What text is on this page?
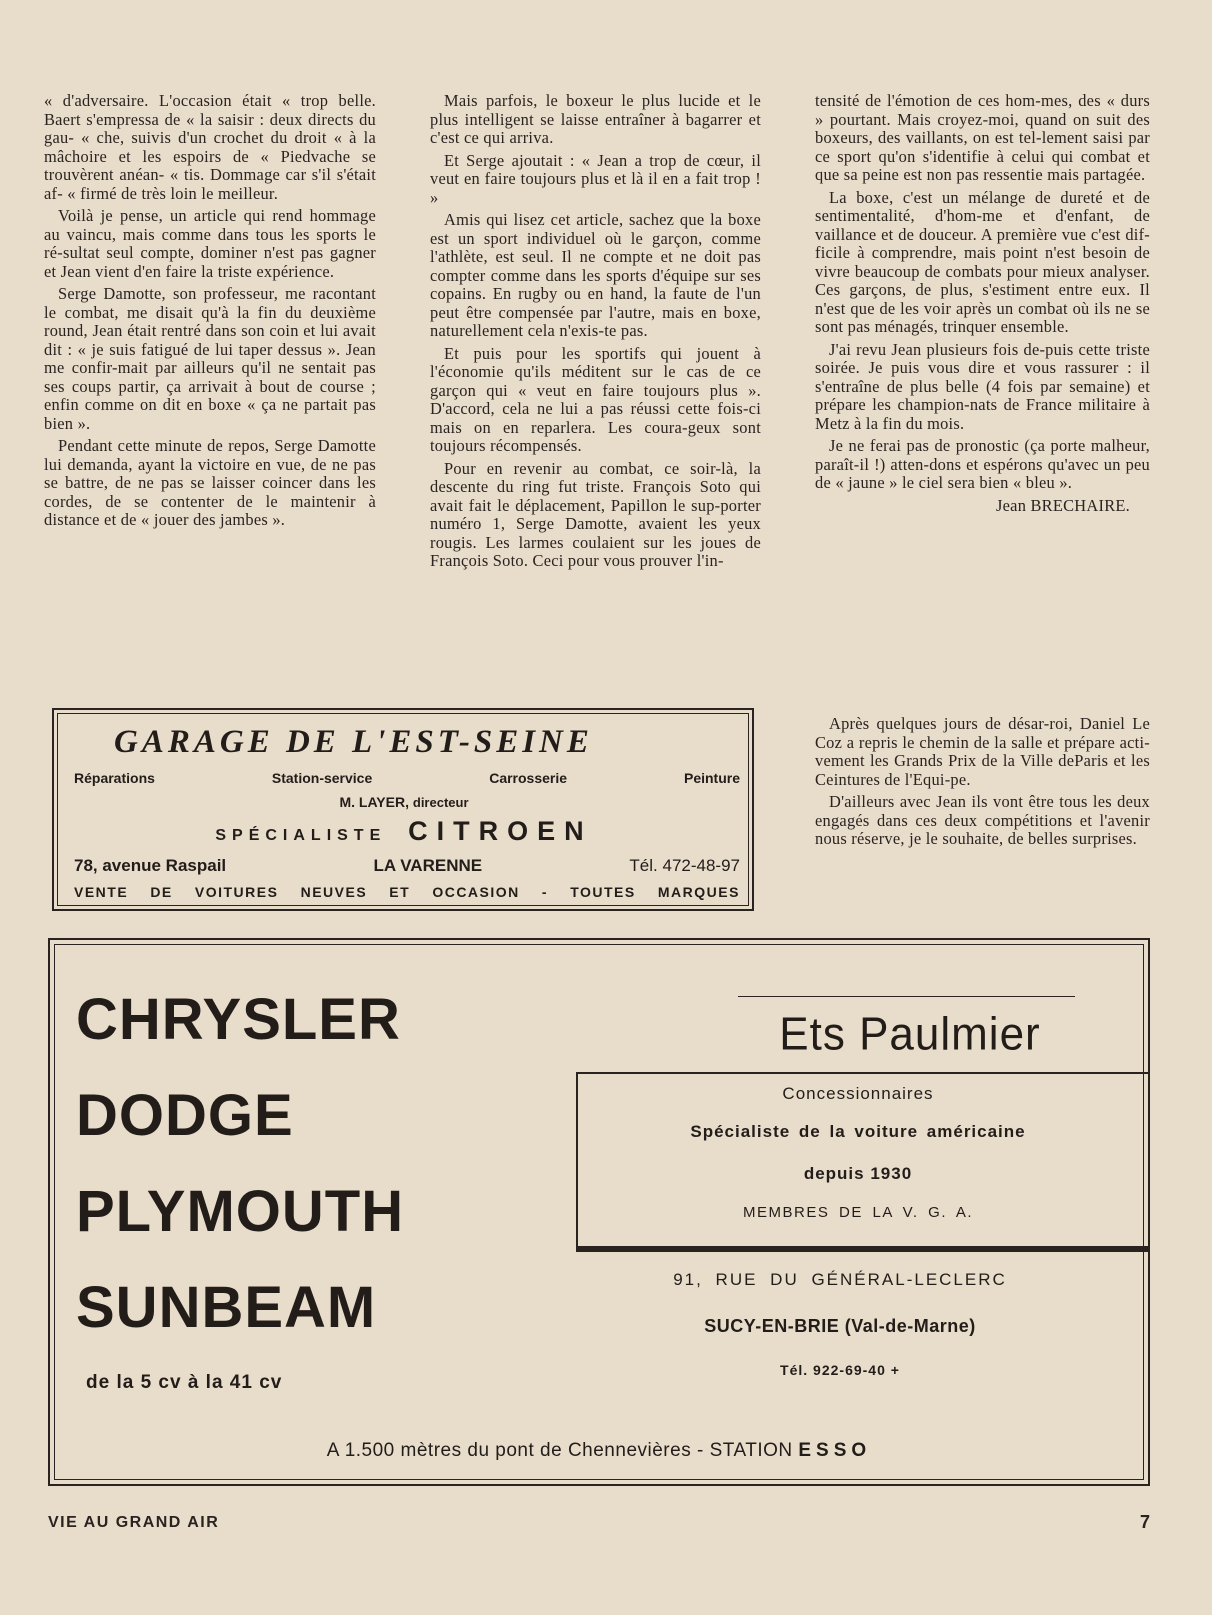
« d'adversaire. L'occasion était « trop belle. Baert s'empressa de « la saisir : deux directs du gau- « che, suivis d'un crochet du droit « à la mâchoire et les espoirs de « Piedvache se trouvèrent anéan- « tis. Dommage car s'il s'était af- « firmé de très loin le meilleur.

Voilà je pense, un article qui rend hommage au vaincu, mais comme dans tous les sports le ré-sultat seul compte, dominer n'est pas gagner et Jean vient d'en faire la triste expérience.

Serge Damotte, son professeur, me racontant le combat, me disait qu'à la fin du deuxième round, Jean était rentré dans son coin et lui avait dit : « je suis fatigué de lui taper dessus ». Jean me confir-mait par ailleurs qu'il ne sentait pas ses coups partir, ça arrivait à bout de course ; enfin comme on dit en boxe « ça ne partait pas bien ».

Pendant cette minute de repos, Serge Damotte lui demanda, ayant la victoire en vue, de ne pas se battre, de ne pas se laisser coincer dans les cordes, de se contenter de le maintenir à distance et de « jouer des jambes ».

Mais parfois, le boxeur le plus lucide et le plus intelligent se laisse entraîner à bagarrer et c'est ce qui arriva.

Et Serge ajoutait : « Jean a trop de cœur, il veut en faire toujours plus et là il en a fait trop ! »

Amis qui lisez cet article, sachez que la boxe est un sport individuel où le garçon, comme l'athlète, est seul. Il ne compte et ne doit pas compter comme dans les sports d'équipe sur ses copains. En rugby ou en hand, la faute de l'un peut être compensée par l'autre, mais en boxe, naturellement cela n'exis-te pas.

Et puis pour les sportifs qui jouent à l'économie qu'ils méditent sur le cas de ce garçon qui « veut en faire toujours plus ». D'accord, cela ne lui a pas réussi cette fois-ci mais on en reparlera. Les coura-geux sont toujours récompensés.

Pour en revenir au combat, ce soir-là, la descente du ring fut triste. François Soto qui avait fait le déplacement, Papillon le sup-porter numéro 1, Serge Damotte, avaient les yeux rougis. Les larmes coulaient sur les joues de François Soto. Ceci pour vous prouver l'in-

tensité de l'émotion de ces hom-mes, des « durs » pourtant. Mais croyez-moi, quand on suit des boxeurs, des vaillants, on est tel-lement saisi par ce sport qu'on s'identifie à celui qui combat et que sa peine est non pas ressentie mais partagée.

La boxe, c'est un mélange de dureté et de sentimentalité, d'hom-me et d'enfant, de vaillance et de douceur. A première vue c'est dif-ficile à comprendre, mais point n'est besoin de vivre beaucoup de combats pour mieux analyser. Ces garçons, de plus, s'estiment entre eux. Il n'est que de les voir après un combat où ils ne se sont pas ménagés, trinquer ensemble.

J'ai revu Jean plusieurs fois de-puis cette triste soirée. Je puis vous dire et vous rassurer : il s'entraîne de plus belle (4 fois par semaine) et prépare les champion-nats de France militaire à Metz à la fin du mois.

Je ne ferai pas de pronostic (ça porte malheur, paraît-il !) atten-dons et espérons qu'avec un peu de « jaune » le ciel sera bien « bleu ».

Jean BRECHAIRE.

Après quelques jours de désar-roi, Daniel Le Coz a repris le chemin de la salle et prépare acti-vement les Grands Prix de la Ville deParis et les Ceintures de l'Equi-pe.

D'ailleurs avec Jean ils vont être tous les deux engagés dans ces deux compétitions et l'avenir nous réserve, je le souhaite, de belles surprises.

GARAGE DE L'EST-SEINE
Réparations	Station-service	Carrosserie	Peinture
M. LAYER, directeur
SPÉCIALISTE CITROEN
78, avenue Raspail	LA VARENNE	Tél. 472-48-97
VENTE DE VOITURES NEUVES ET OCCASION - TOUTES MARQUES
CHRYSLER
DODGE
PLYMOUTH
SUNBEAM
de la 5 cv à la 41 cv
Ets Paulmier
Concessionnaires
Spécialiste de la voiture américaine
depuis 1930
MEMBRES DE LA V. G. A.
91, RUE DU GÉNÉRAL-LECLERC
SUCY-EN-BRIE (Val-de-Marne)
Tél. 922-69-40 +
A 1.500 mètres du pont de Chennevières - STATION ESSO
VIE AU GRAND AIR	7
